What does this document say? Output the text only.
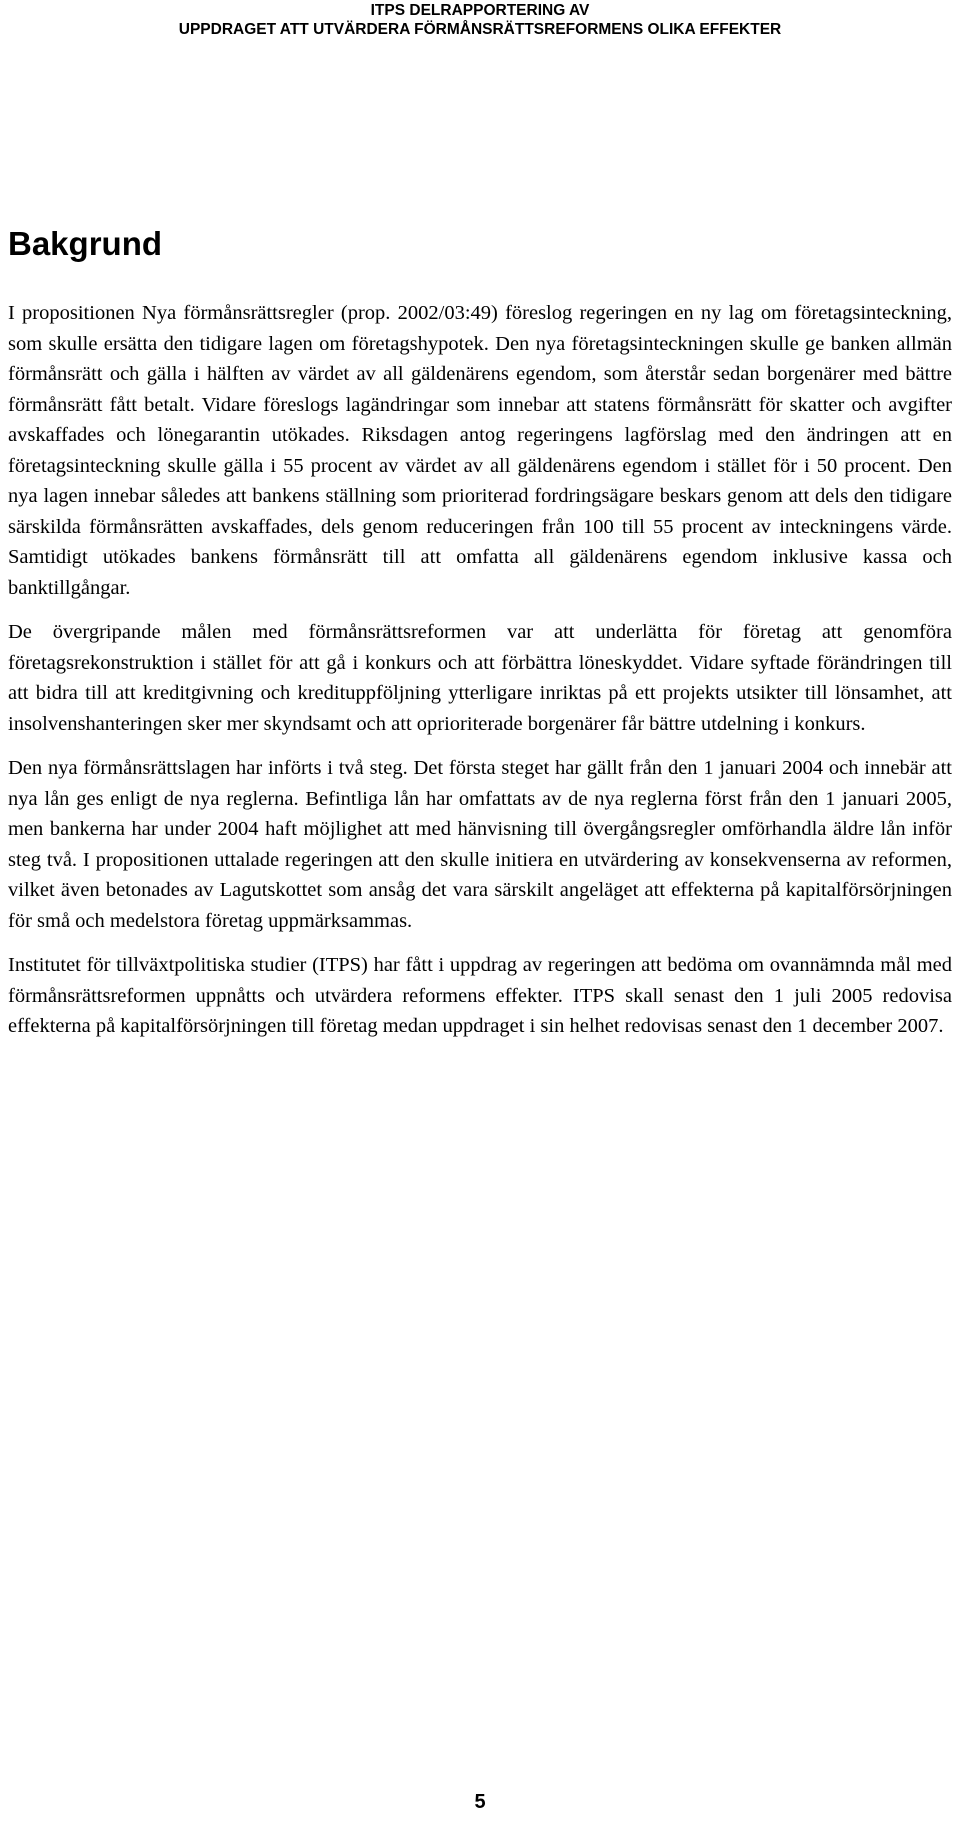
ITPS DELRAPPORTERING AV
UPPDRAGET ATT UTVÄRDERA FÖRMÅNSRÄTTSREFORMENS OLIKA EFFEKTER
Bakgrund

I propositionen Nya förmånsrättsregler (prop. 2002/03:49) föreslog regeringen en ny lag om företagsinteckning, som skulle ersätta den tidigare lagen om företagshypotek. Den nya företagsinteckningen skulle ge banken allmän förmånsrätt och gälla i hälften av värdet av all gäldenärens egendom, som återstår sedan borgenärer med bättre förmånsrätt fått betalt. Vidare föreslogs lagändringar som innebar att statens förmånsrätt för skatter och avgifter avskaffades och lönegarantin utökades. Riksdagen antog regeringens lagförslag med den ändringen att en företagsinteckning skulle gälla i 55 procent av värdet av all gäldenärens egendom i stället för i 50 procent. Den nya lagen innebar således att bankens ställning som prioriterad fordringsägare beskars genom att dels den tidigare särskilda förmånsrätten avskaffades, dels genom reduceringen från 100 till 55 procent av inteckningens värde. Samtidigt utökades bankens förmånsrätt till att omfatta all gäldenärens egendom inklusive kassa och banktillgångar.

De övergripande målen med förmånsrättsreformen var att underlätta för företag att genomföra företagsrekonstruktion i stället för att gå i konkurs och att förbättra löneskyddet. Vidare syftade förändringen till att bidra till att kreditgivning och kredituppföljning ytterligare inriktas på ett projekts utsikter till lönsamhet, att insolvenshanteringen sker mer skyndsamt och att oprioriterade borgenärer får bättre utdelning i konkurs.

Den nya förmånsrättslagen har införts i två steg. Det första steget har gällt från den 1 januari 2004 och innebär att nya lån ges enligt de nya reglerna. Befintliga lån har omfattats av de nya reglerna först från den 1 januari 2005, men bankerna har under 2004 haft möjlighet att med hänvisning till övergångsregler omförhandla äldre lån inför steg två. I propositionen uttalade regeringen att den skulle initiera en utvärdering av konsekvenserna av reformen, vilket även betonades av Lagutskottet som ansåg det vara särskilt angeläget att effekterna på kapitalförsörjningen för små och medelstora företag uppmärksammas.

Institutet för tillväxtpolitiska studier (ITPS) har fått i uppdrag av regeringen att bedöma om ovannämnda mål med förmånsrättsreformen uppnåtts och utvärdera reformens effekter. ITPS skall senast den 1 juli 2005 redovisa effekterna på kapitalförsörjningen till företag medan uppdraget i sin helhet redovisas senast den 1 december 2007.

5
